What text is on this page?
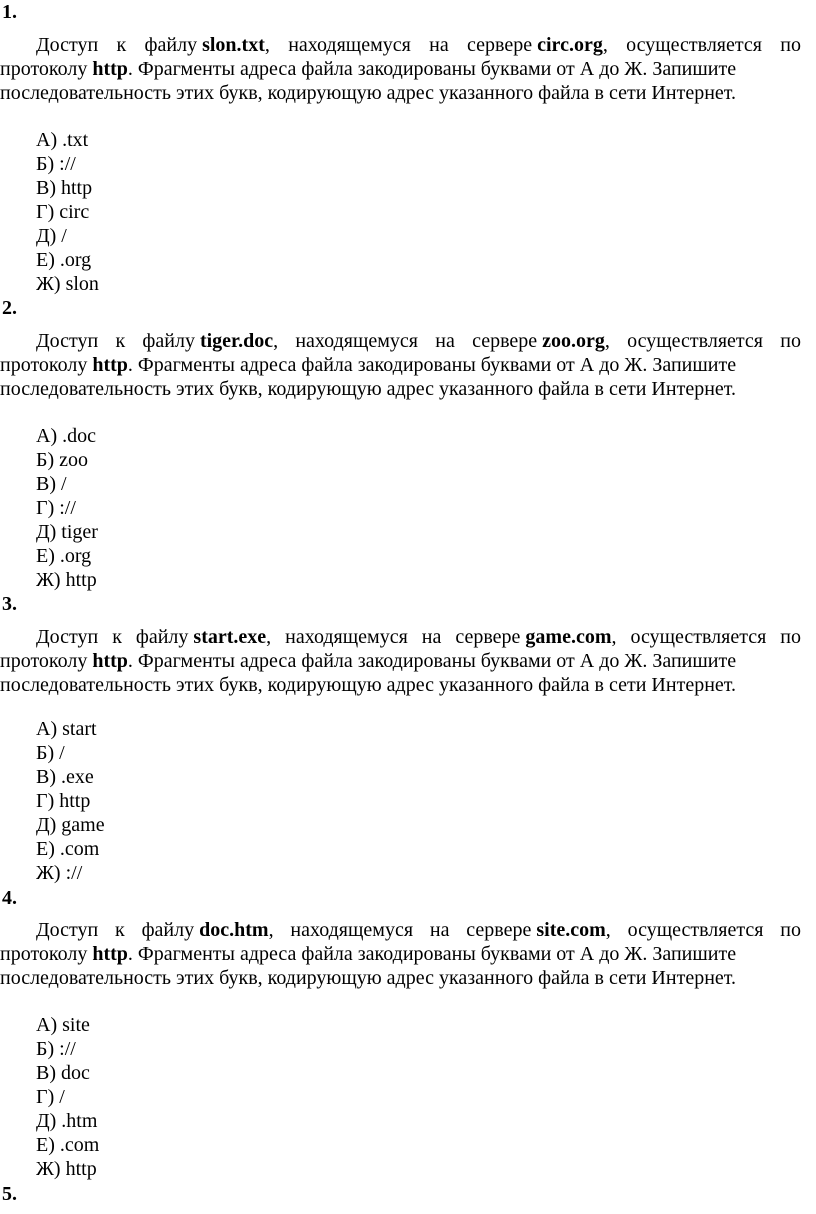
1.
Доступ к файлу slon.txt, находящемуся на сервере circ.org, осуществляется по
протоколу http. Фрагменты адреса файла закодированы буквами от А до Ж. Запишите
последовательность этих букв, кодирующую адрес указанного файла в сети Интернет.
А) .txt
Б) ://
В) http
Г) circ
Д) /
Е) .org
Ж) slon
2.
Доступ к файлу tiger.doc, находящемуся на сервере zoo.org, осуществляется по
протоколу http. Фрагменты адреса файла закодированы буквами от А до Ж. Запишите
последовательность этих букв, кодирующую адрес указанного файла в сети Интернет.
А) .doc
Б) zoo
В) /
Г) ://
Д) tiger
Е) .org
Ж) http
3.
Доступ к файлу start.exe, находящемуся на сервере game.com, осуществляется по
протоколу http. Фрагменты адреса файла закодированы буквами от А до Ж. Запишите
последовательность этих букв, кодирующую адрес указанного файла в сети Интернет.
А) start
Б) /
В) .exe
Г) http
Д) game
Е) .com
Ж) ://
4.
Доступ к файлу doc.htm, находящемуся на сервере site.com, осуществляется по
протоколу http. Фрагменты адреса файла закодированы буквами от А до Ж. Запишите
последовательность этих букв, кодирующую адрес указанного файла в сети Интернет.
А) site
Б) ://
В) doc
Г) /
Д) .htm
Е) .com
Ж) http
5.
